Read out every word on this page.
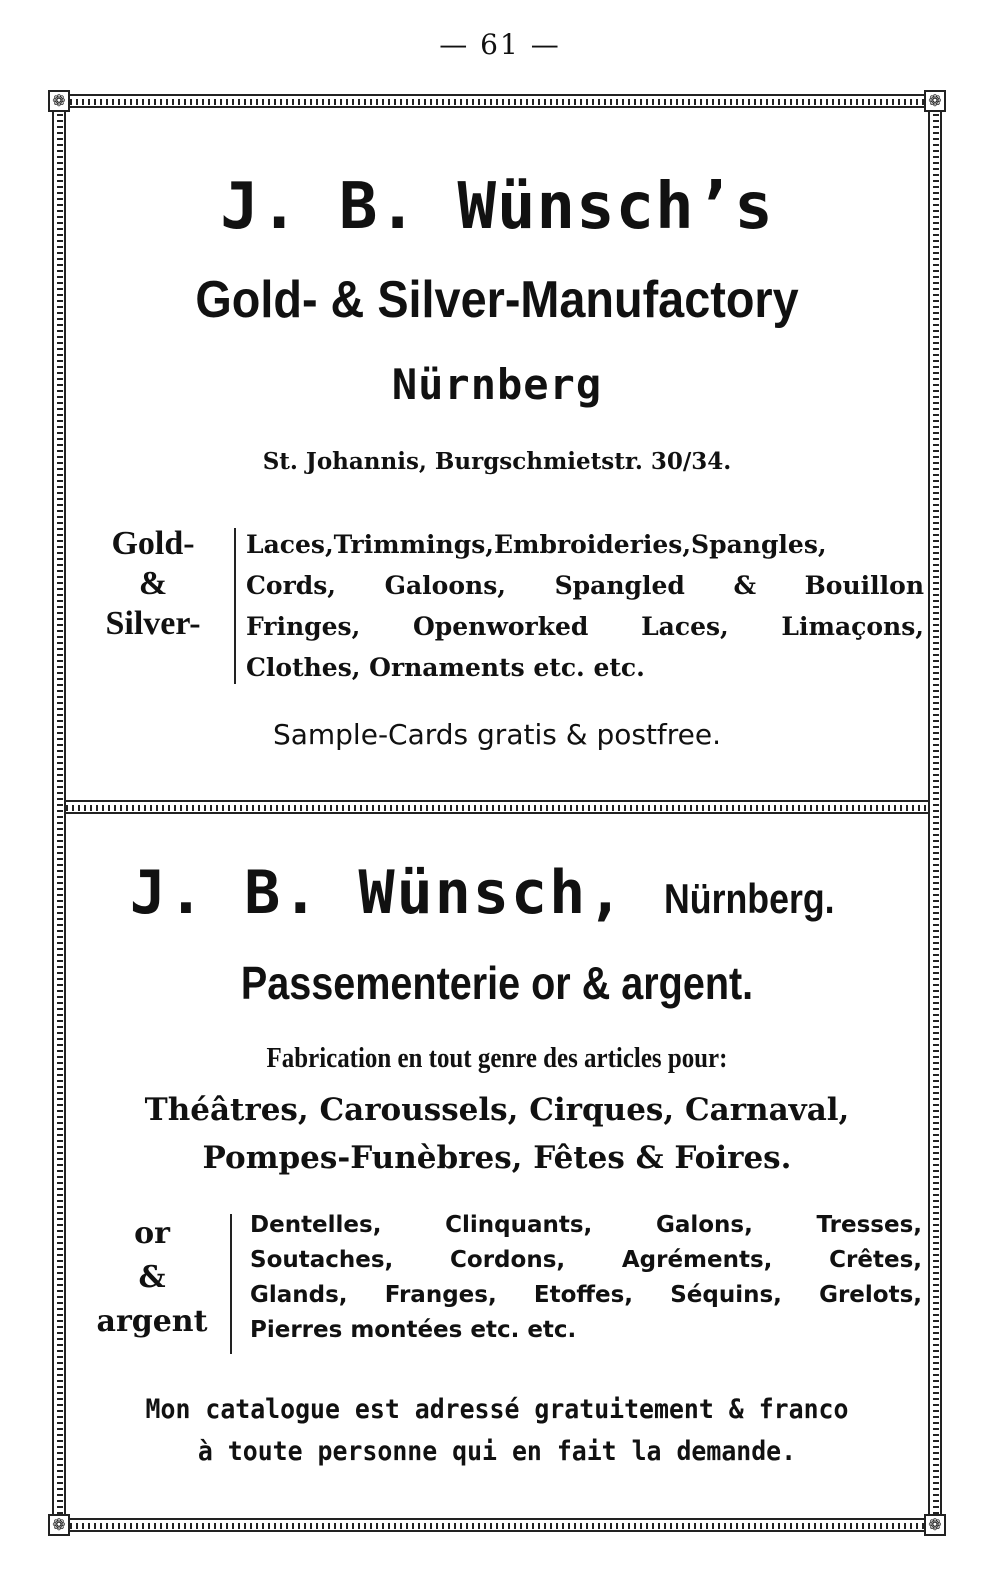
— 61 —
❁	❁
❁	❁
J. B. Wünsch’s
Gold- & Silver-Manufactory
Nürnberg
St. Johannis, Burgschmietstr. 30/34.
Gold-
&
Silver-
Laces,Trimmings,Embroideries,Spangles,
Cords, Galoons, Spangled & Bouillon
Fringes, Openworked Laces, Limaçons,
Clothes, Ornaments etc. etc.
Sample-Cards gratis & postfree.
J. B. Wünsch, Nürnberg.
Passementerie or & argent.
Fabrication en tout genre des articles pour:
Théâtres, Caroussels, Cirques, Carnaval,
Pompes-Funèbres, Fêtes & Foires.
or
&
argent
Dentelles, Clinquants, Galons, Tresses,
Soutaches, Cordons, Agréments, Crêtes,
Glands, Franges, Etoffes, Séquins, Grelots,
Pierres montées etc. etc.
Mon catalogue est adressé gratuitement & franco
à toute personne qui en fait la demande.
